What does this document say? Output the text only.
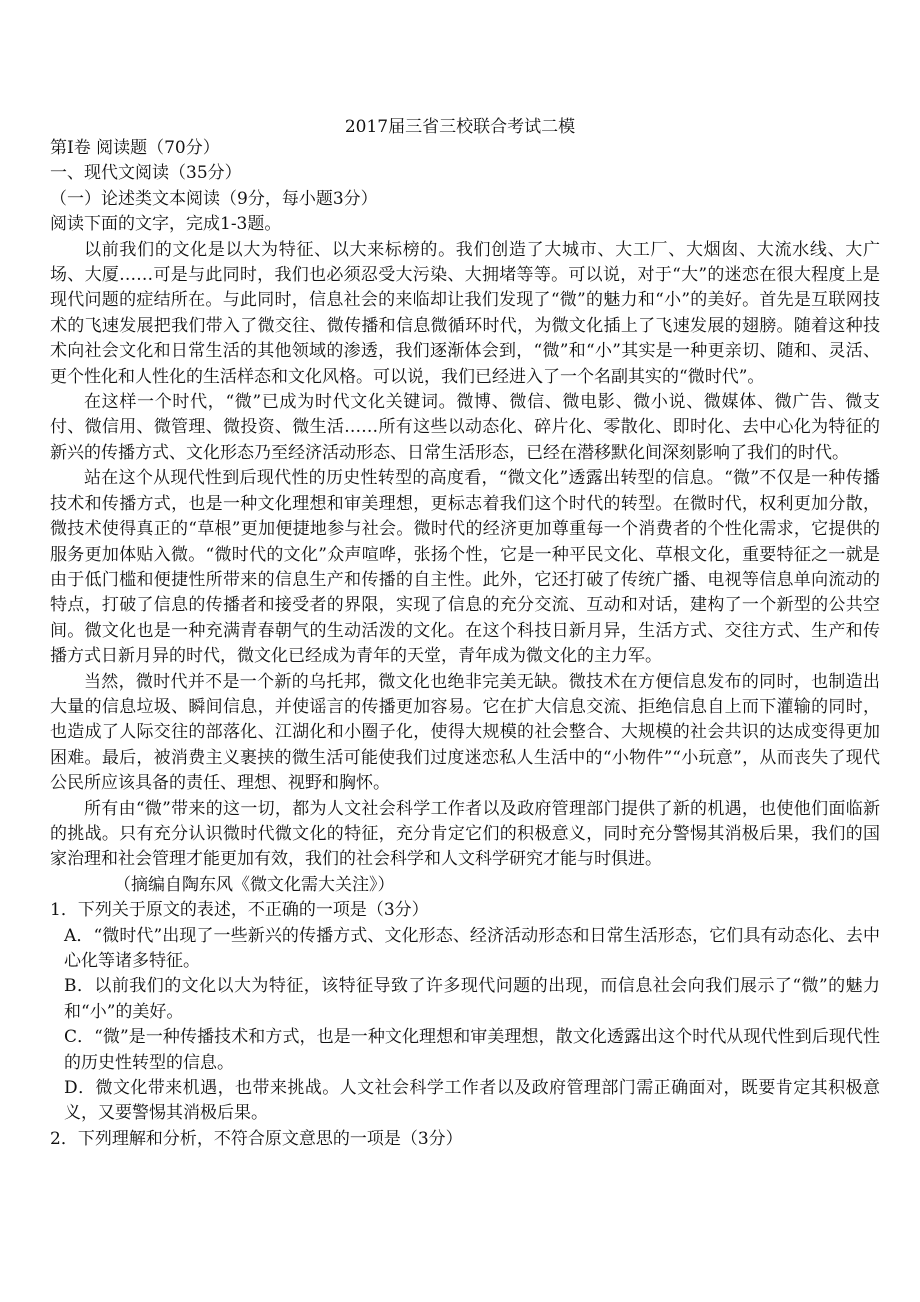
2017届三省三校联合考试二模
第Ⅰ卷 阅读题（70分）
一、现代文阅读（35分）
（一）论述类文本阅读（9分，每小题3分）
阅读下面的文字，完成1-3题。

以前我们的文化是以大为特征、以大来标榜的。我们创造了大城市、大工厂、大烟囱、大流水线、大广场、大厦……可是与此同时，我们也必须忍受大污染、大拥堵等等。可以说，对于“大”的迷恋在很大程度上是现代问题的症结所在。与此同时，信息社会的来临却让我们发现了“微”的魅力和“小”的美好。首先是互联网技术的飞速发展把我们带入了微交往、微传播和信息微循环时代，为微文化插上了飞速发展的翅膀。随着这种技术向社会文化和日常生活的其他领域的渗透，我们逐渐体会到，“微”和“小”其实是一种更亲切、随和、灵活、更个性化和人性化的生活样态和文化风格。可以说，我们已经进入了一个名副其实的“微时代”。

在这样一个时代，“微”已成为时代文化关键词。微博、微信、微电影、微小说、微媒体、微广告、微支付、微信用、微管理、微投资、微生活……所有这些以动态化、碎片化、零散化、即时化、去中心化为特征的新兴的传播方式、文化形态乃至经济活动形态、日常生活形态，已经在潜移默化间深刻影响了我们的时代。

站在这个从现代性到后现代性的历史性转型的高度看，“微文化”透露出转型的信息。“微”不仅是一种传播技术和传播方式，也是一种文化理想和审美理想，更标志着我们这个时代的转型。在微时代，权利更加分散，微技术使得真正的“草根”更加便捷地参与社会。微时代的经济更加尊重每一个消费者的个性化需求，它提供的服务更加体贴入微。“微时代的文化”众声喧哗，张扬个性，它是一种平民文化、草根文化，重要特征之一就是由于低门槛和便捷性所带来的信息生产和传播的自主性。此外，它还打破了传统广播、电视等信息单向流动的特点，打破了信息的传播者和接受者的界限，实现了信息的充分交流、互动和对话，建构了一个新型的公共空间。微文化也是一种充满青春朝气的生动活泼的文化。在这个科技日新月异，生活方式、交往方式、生产和传播方式日新月异的时代，微文化已经成为青年的天堂，青年成为微文化的主力军。

当然，微时代并不是一个新的乌托邦，微文化也绝非完美无缺。微技术在方便信息发布的同时，也制造出大量的信息垃圾、瞬间信息，并使谣言的传播更加容易。它在扩大信息交流、拒绝信息自上而下灌输的同时，也造成了人际交往的部落化、江湖化和小圈子化，使得大规模的社会整合、大规模的社会共识的达成变得更加困难。最后，被消费主义裹挟的微生活可能使我们过度迷恋私人生活中的“小物件”“小玩意”，从而丧失了现代公民所应该具备的责任、理想、视野和胸怀。

所有由“微”带来的这一切，都为人文社会科学工作者以及政府管理部门提供了新的机遇，也使他们面临新的挑战。只有充分认识微时代微文化的特征，充分肯定它们的积极意义，同时充分警惕其消极后果，我们的国家治理和社会管理才能更加有效，我们的社会科学和人文科学研究才能与时俱进。

（摘编自陶东风《微文化需大关注》）
1．下列关于原文的表述，不正确的一项是（3分）
A．“微时代”出现了一些新兴的传播方式、文化形态、经济活动形态和日常生活形态，它们具有动态化、去中心化等诸多特征。
B．以前我们的文化以大为特征，该特征导致了许多现代问题的出现，而信息社会向我们展示了“微”的魅力和“小”的美好。
C．“微”是一种传播技术和方式，也是一种文化理想和审美理想，散文化透露出这个时代从现代性到后现代性的历史性转型的信息。
D．微文化带来机遇，也带来挑战。人文社会科学工作者以及政府管理部门需正确面对，既要肯定其积极意义，又要警惕其消极后果。
2．下列理解和分析，不符合原文意思的一项是（3分）
